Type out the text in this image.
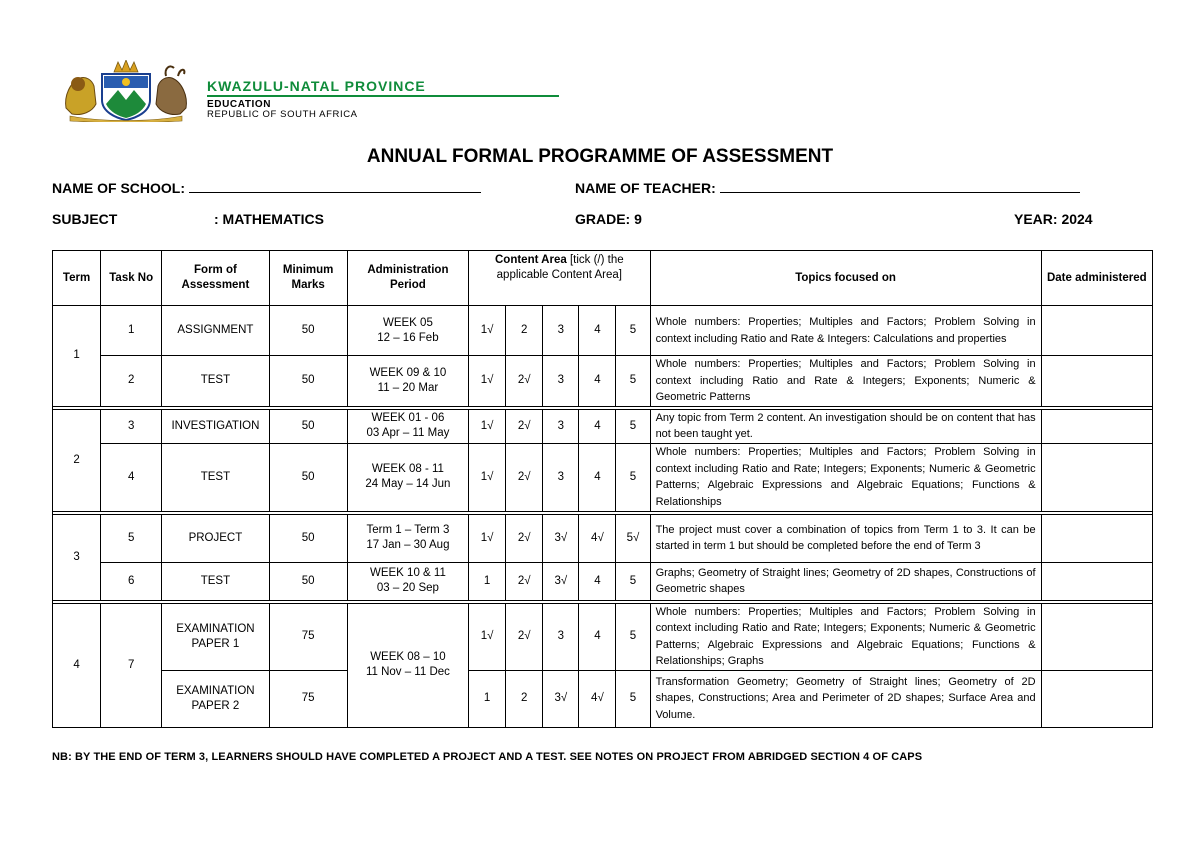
KWAZULU-NATAL PROVINCE
EDUCATION
REPUBLIC OF SOUTH AFRICA
ANNUAL FORMAL PROGRAMME OF ASSESSMENT
NAME OF SCHOOL:	NAME OF TEACHER:
SUBJECT	: MATHEMATICS	GRADE: 9	YEAR: 2024
Term	Task No	Form of Assessment	Minimum Marks	Administration Period	Content Area [tick (/) the applicable Content Area]					Topics focused on	Date administered
1	1	ASSIGNMENT	50	WEEK 05
12 – 16 Feb	1√	2	3	4	5	Whole numbers: Properties; Multiples and Factors; Problem Solving in context including Ratio and Rate & Integers: Calculations and properties	
	2	TEST	50	WEEK 09 & 10
11 – 20 Mar	1√	2√	3	4	5	Whole numbers: Properties; Multiples and Factors; Problem Solving in context including Ratio and Rate & Integers; Exponents; Numeric & Geometric Patterns	

2	3	INVESTIGATION	50	WEEK 01 - 06
03 Apr – 11 May	1√	2√	3	4	5	Any topic from Term 2 content. An investigation should be on content that has not been taught yet.	
	4	TEST	50	WEEK 08 - 11
24 May – 14 Jun	1√	2√	3	4	5	Whole numbers: Properties; Multiples and Factors; Problem Solving in context including Ratio and Rate; Integers; Exponents; Numeric & Geometric Patterns; Algebraic Expressions and Algebraic Equations; Functions & Relationships	

3	5	PROJECT	50	Term 1 – Term 3
17 Jan – 30 Aug	1√	2√	3√	4√	5√	The project must cover a combination of topics from Term 1 to 3. It can be started in term 1 but should be completed before the end of Term 3	
	6	TEST	50	WEEK 10 & 11
03 – 20 Sep	1	2√	3√	4	5	Graphs; Geometry of Straight lines; Geometry of 2D shapes, Constructions of Geometric shapes	

4	7	EXAMINATION PAPER 1	75	WEEK 08 – 10
11 Nov – 11 Dec	1√	2√	3	4	5	Whole numbers: Properties; Multiples and Factors; Problem Solving in context including Ratio and Rate; Integers; Exponents; Numeric & Geometric Patterns; Algebraic Expressions and Algebraic Equations; Functions & Relationships; Graphs	
		EXAMINATION PAPER 2	75		1	2	3√	4√	5	Transformation Geometry; Geometry of Straight lines; Geometry of 2D shapes, Constructions; Area and Perimeter of 2D shapes; Surface Area and Volume.	
NB: BY THE END OF TERM 3, LEARNERS SHOULD HAVE COMPLETED A PROJECT AND A TEST. SEE NOTES ON PROJECT FROM ABRIDGED SECTION 4 OF CAPS
